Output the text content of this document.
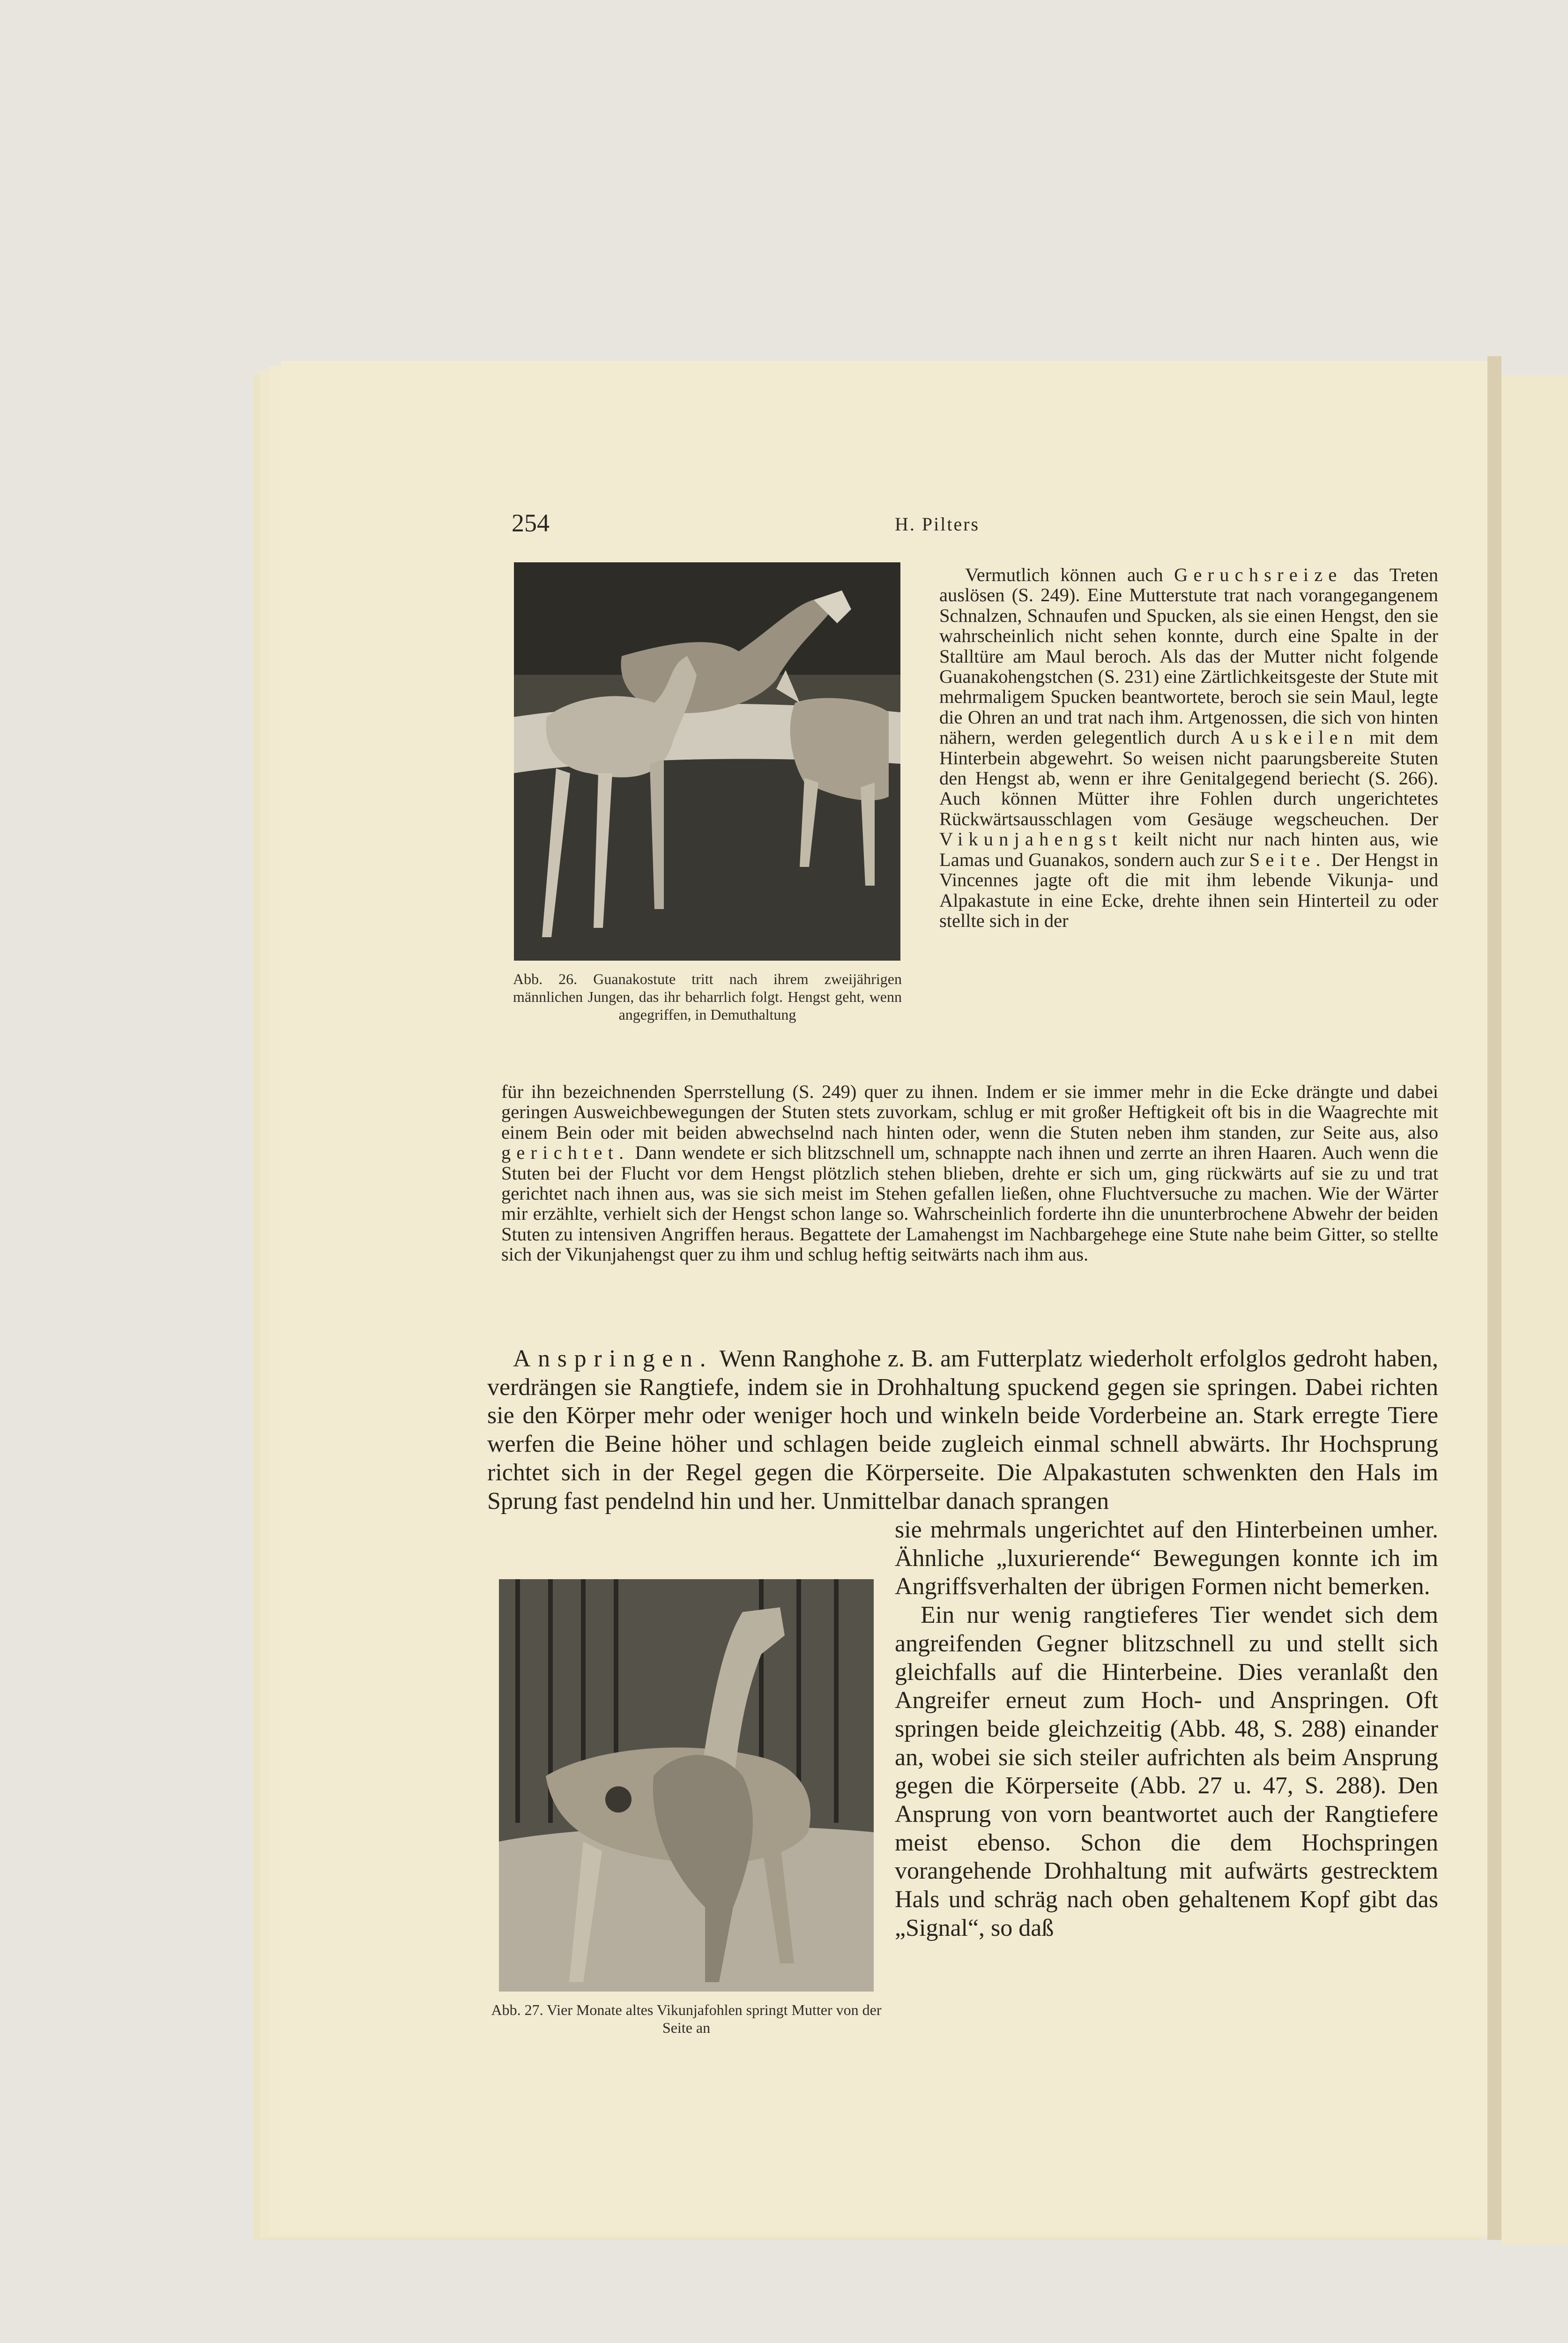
254	H. Pilters
Abb. 26. Guanakostute tritt nach ihrem zweijährigen männlichen Jungen, das ihr beharrlich folgt. Hengst geht, wenn angegriffen, in Demuthaltung

Vermutlich können auch Geruchsreize das Treten auslösen (S. 249). Eine Mutterstute trat nach vorangegangenem Schnalzen, Schnaufen und Spucken, als sie einen Hengst, den sie wahrscheinlich nicht sehen konnte, durch eine Spalte in der Stalltüre am Maul beroch. Als das der Mutter nicht folgende Guanakohengstchen (S. 231) eine Zärtlichkeitsgeste der Stute mit mehrmaligem Spucken beantwortete, beroch sie sein Maul, legte die Ohren an und trat nach ihm. Artgenossen, die sich von hinten nähern, werden gelegentlich durch Auskeilen mit dem Hinterbein abgewehrt. So weisen nicht paarungsbereite Stuten den Hengst ab, wenn er ihre Genitalgegend beriecht (S. 266). Auch können Mütter ihre Fohlen durch ungerichtetes Rückwärtsausschlagen vom Gesäuge wegscheuchen. Der Vikunjahengst keilt nicht nur nach hinten aus, wie Lamas und Guanakos, sondern auch zur Seite. Der Hengst in Vincennes jagte oft die mit ihm lebende Vikunja- und Alpakastute in eine Ecke, drehte ihnen sein Hinterteil zu oder stellte sich in der

für ihn bezeichnenden Sperrstellung (S. 249) quer zu ihnen. Indem er sie immer mehr in die Ecke drängte und dabei geringen Ausweichbewegungen der Stuten stets zuvorkam, schlug er mit großer Heftigkeit oft bis in die Waagrechte mit einem Bein oder mit beiden abwechselnd nach hinten oder, wenn die Stuten neben ihm standen, zur Seite aus, also gerichtet. Dann wendete er sich blitzschnell um, schnappte nach ihnen und zerrte an ihren Haaren. Auch wenn die Stuten bei der Flucht vor dem Hengst plötzlich stehen blieben, drehte er sich um, ging rückwärts auf sie zu und trat gerichtet nach ihnen aus, was sie sich meist im Stehen gefallen ließen, ohne Fluchtversuche zu machen. Wie der Wärter mir erzählte, verhielt sich der Hengst schon lange so. Wahrscheinlich forderte ihn die ununterbrochene Abwehr der beiden Stuten zu intensiven Angriffen heraus. Begattete der Lamahengst im Nachbargehege eine Stute nahe beim Gitter, so stellte sich der Vikunjahengst quer zu ihm und schlug heftig seitwärts nach ihm aus.

Anspringen. Wenn Ranghohe z. B. am Futterplatz wiederholt erfolglos gedroht haben, verdrängen sie Rangtiefe, indem sie in Drohhaltung spuckend gegen sie springen. Dabei richten sie den Körper mehr oder weniger hoch und winkeln beide Vorderbeine an. Stark erregte Tiere werfen die Beine höher und schlagen beide zugleich einmal schnell abwärts. Ihr Hochsprung richtet sich in der Regel gegen die Körperseite. Die Alpakastuten schwenkten den Hals im Sprung fast pendelnd hin und her. Unmittelbar danach sprangen

Abb. 27. Vier Monate altes Vikunjafohlen springt Mutter von der Seite an

sie mehrmals ungerichtet auf den Hinterbeinen umher. Ähnliche „luxurierende“ Bewegungen konnte ich im Angriffsverhalten der übrigen Formen nicht bemerken.

Ein nur wenig rangtieferes Tier wendet sich dem angreifenden Gegner blitzschnell zu und stellt sich gleichfalls auf die Hinterbeine. Dies veranlaßt den Angreifer erneut zum Hoch- und Anspringen. Oft springen beide gleichzeitig (Abb. 48, S. 288) einander an, wobei sie sich steiler aufrichten als beim Ansprung gegen die Körperseite (Abb. 27 u. 47, S. 288). Den Ansprung von vorn beantwortet auch der Rangtiefere meist ebenso. Schon die dem Hochspringen vorangehende Drohhaltung mit aufwärts gestrecktem Hals und schräg nach oben gehaltenem Kopf gibt das „Signal“, so daß
